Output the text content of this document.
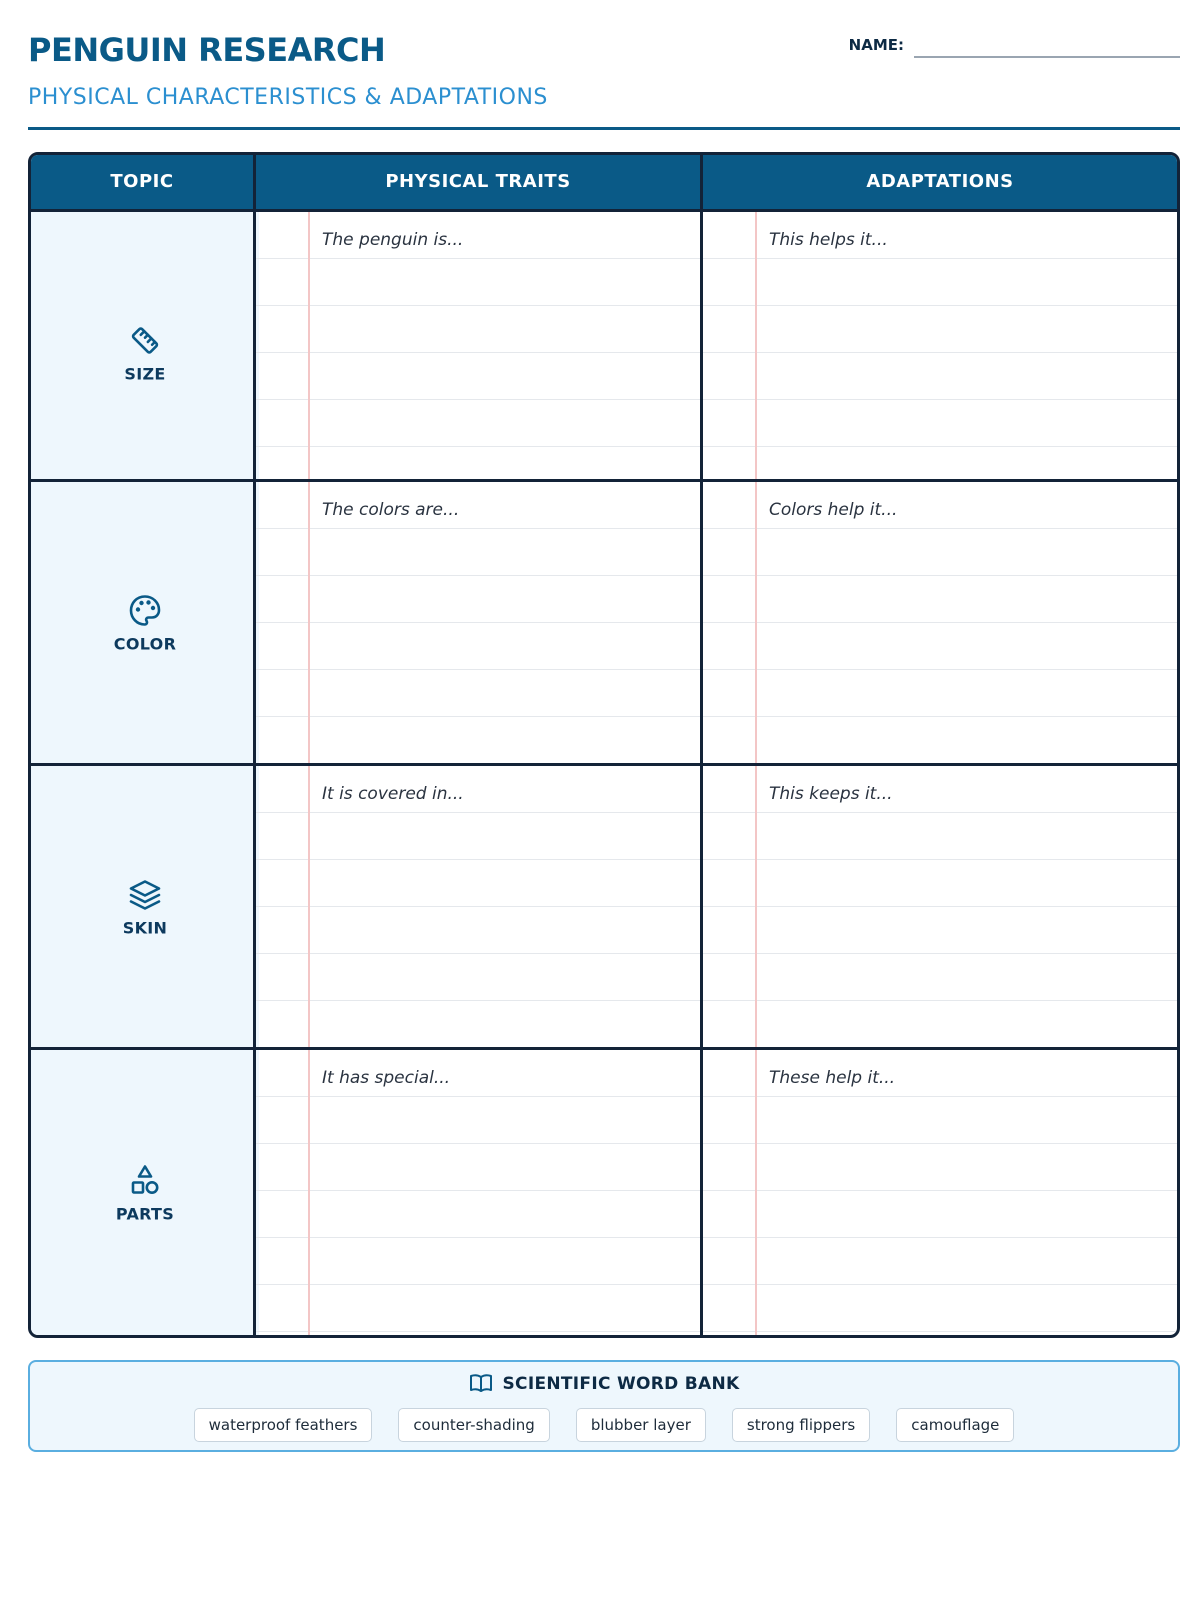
PENGUIN RESEARCH
PHYSICAL CHARACTERISTICS & ADAPTATIONS
NAME:
TOPIC	PHYSICAL TRAITS	ADAPTATIONS
SIZE
The penguin is...	This helps it...
COLOR
The colors are...	Colors help it...
SKIN
It is covered in...	This keeps it...
PARTS
It has special...	These help it...
SCIENTIFIC WORD BANK
waterproof feathers	counter-shading	blubber layer	strong flippers	camouflage
